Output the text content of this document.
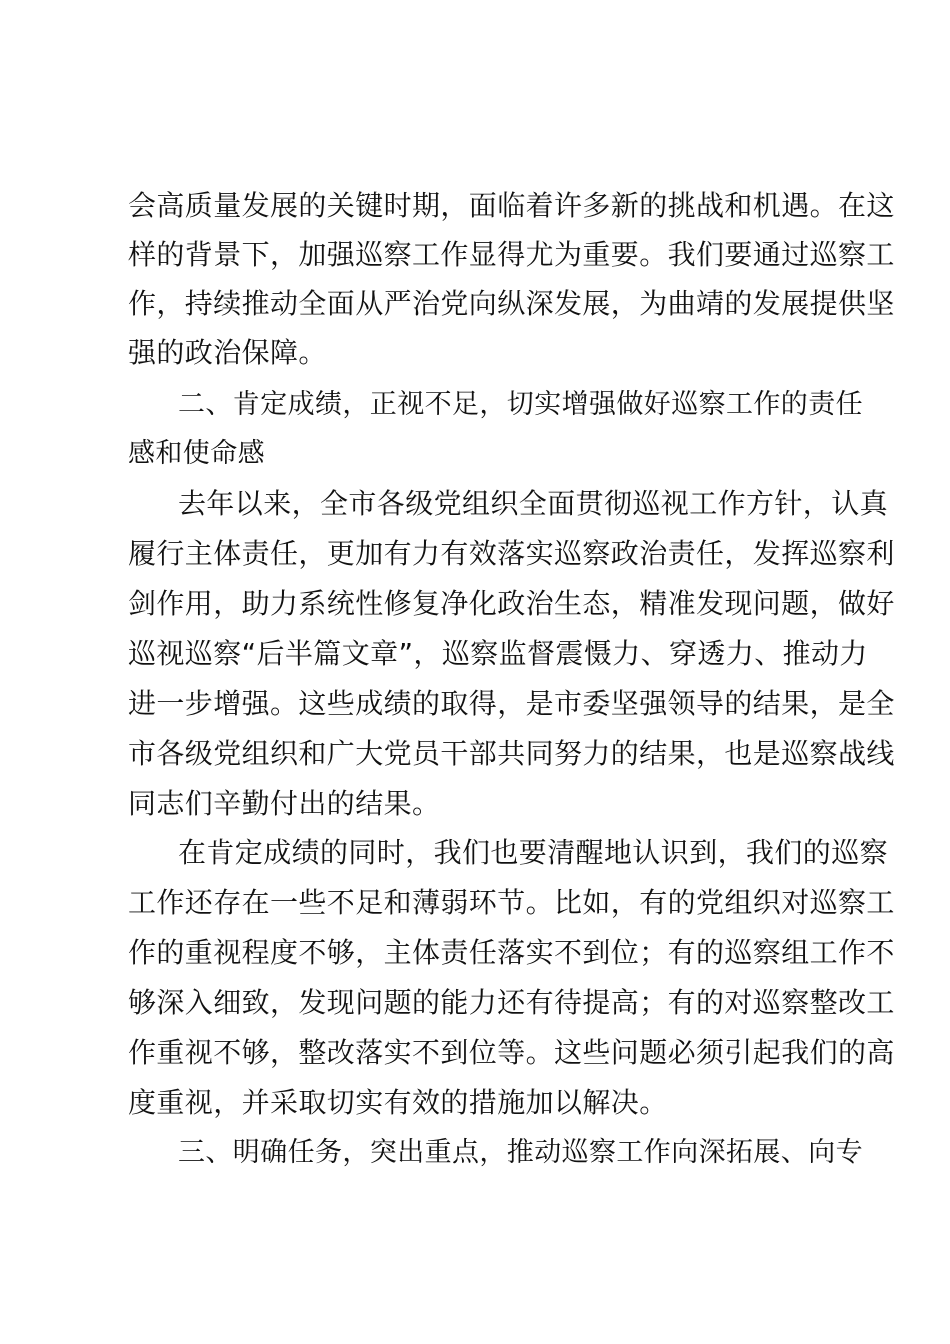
会高质量发展的关键时期，面临着许多新的挑战和机遇。在这
样的背景下，加强巡察工作显得尤为重要。我们要通过巡察工
作，持续推动全面从严治党向纵深发展，为曲靖的发展提供坚
强的政治保障。
二、肯定成绩，正视不足，切实增强做好巡察工作的责任
感和使命感
去年以来，全市各级党组织全面贯彻巡视工作方针，认真
履行主体责任，更加有力有效落实巡察政治责任，发挥巡察利
剑作用，助力系统性修复净化政治生态，精准发现问题，做好
巡视巡察“后半篇文章”，巡察监督震慑力、穿透力、推动力
进一步增强。这些成绩的取得，是市委坚强领导的结果，是全
市各级党组织和广大党员干部共同努力的结果，也是巡察战线
同志们辛勤付出的结果。
在肯定成绩的同时，我们也要清醒地认识到，我们的巡察
工作还存在一些不足和薄弱环节。比如，有的党组织对巡察工
作的重视程度不够，主体责任落实不到位；有的巡察组工作不
够深入细致，发现问题的能力还有待提高；有的对巡察整改工
作重视不够，整改落实不到位等。这些问题必须引起我们的高
度重视，并采取切实有效的措施加以解决。
三、明确任务，突出重点，推动巡察工作向深拓展、向专
